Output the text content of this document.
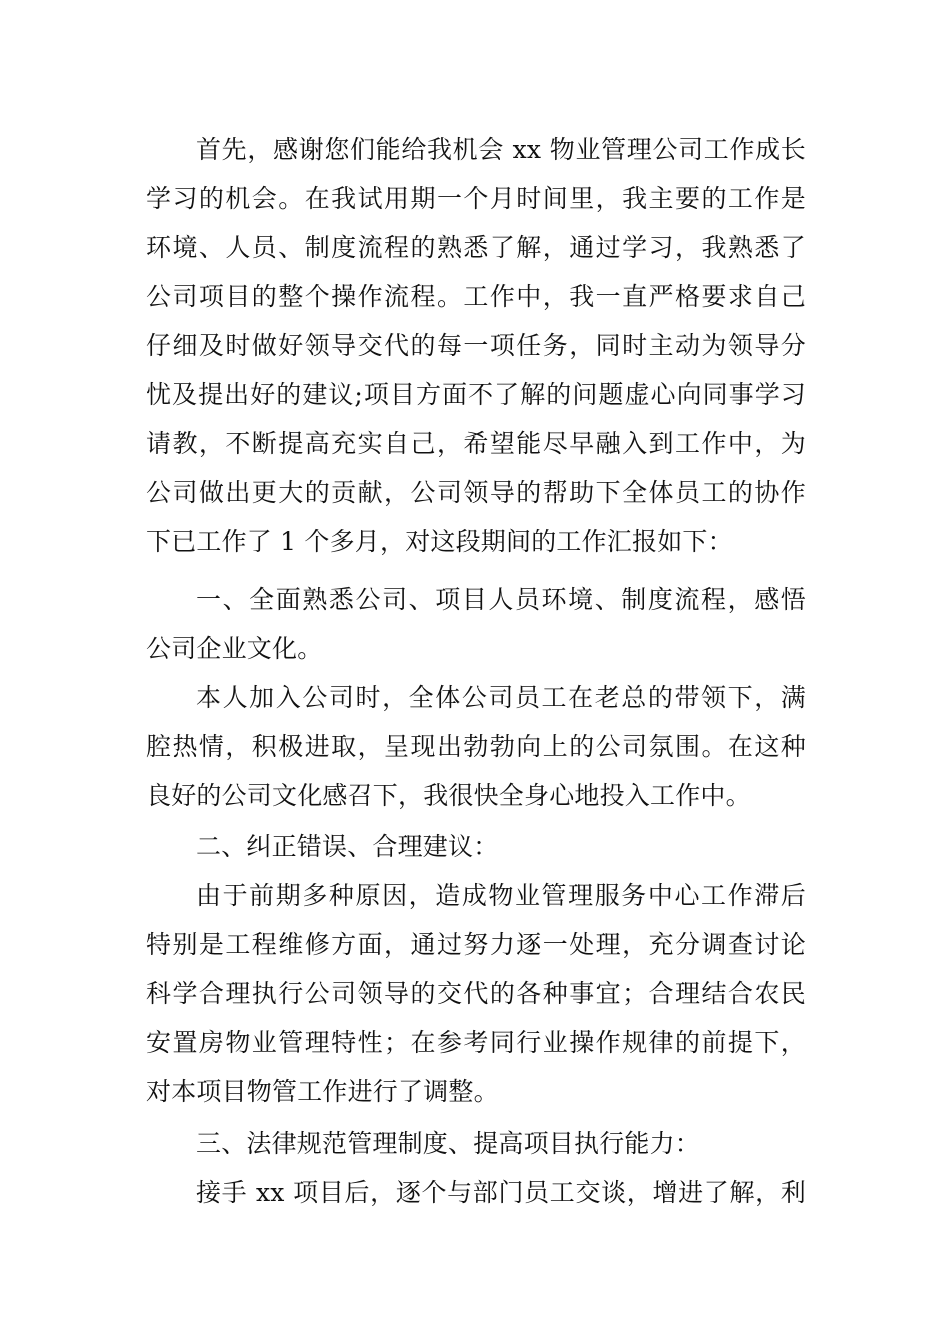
首先，感谢您们能给我机会 xx 物业管理公司工作成长
学习的机会。在我试用期一个月时间里，我主要的工作是
环境、人员、制度流程的熟悉了解，通过学习，我熟悉了
公司项目的整个操作流程。工作中，我一直严格要求自己
仔细及时做好领导交代的每一项任务，同时主动为领导分
忧及提出好的建议;项目方面不了解的问题虚心向同事学习
请教，不断提高充实自己，希望能尽早融入到工作中，为
公司做出更大的贡献，公司领导的帮助下全体员工的协作
下已工作了 1 个多月，对这段期间的工作汇报如下：
一、全面熟悉公司、项目人员环境、制度流程，感悟
公司企业文化。
本人加入公司时，全体公司员工在老总的带领下，满
腔热情，积极进取，呈现出勃勃向上的公司氛围。在这种
良好的公司文化感召下，我很快全身心地投入工作中。
二、纠正错误、合理建议：
由于前期多种原因，造成物业管理服务中心工作滞后
特别是工程维修方面，通过努力逐一处理，充分调查讨论
科学合理执行公司领导的交代的各种事宜；合理结合农民
安置房物业管理特性；在参考同行业操作规律的前提下，
对本项目物管工作进行了调整。
三、法律规范管理制度、提高项目执行能力：
接手 xx 项目后，逐个与部门员工交谈，增进了解，利
